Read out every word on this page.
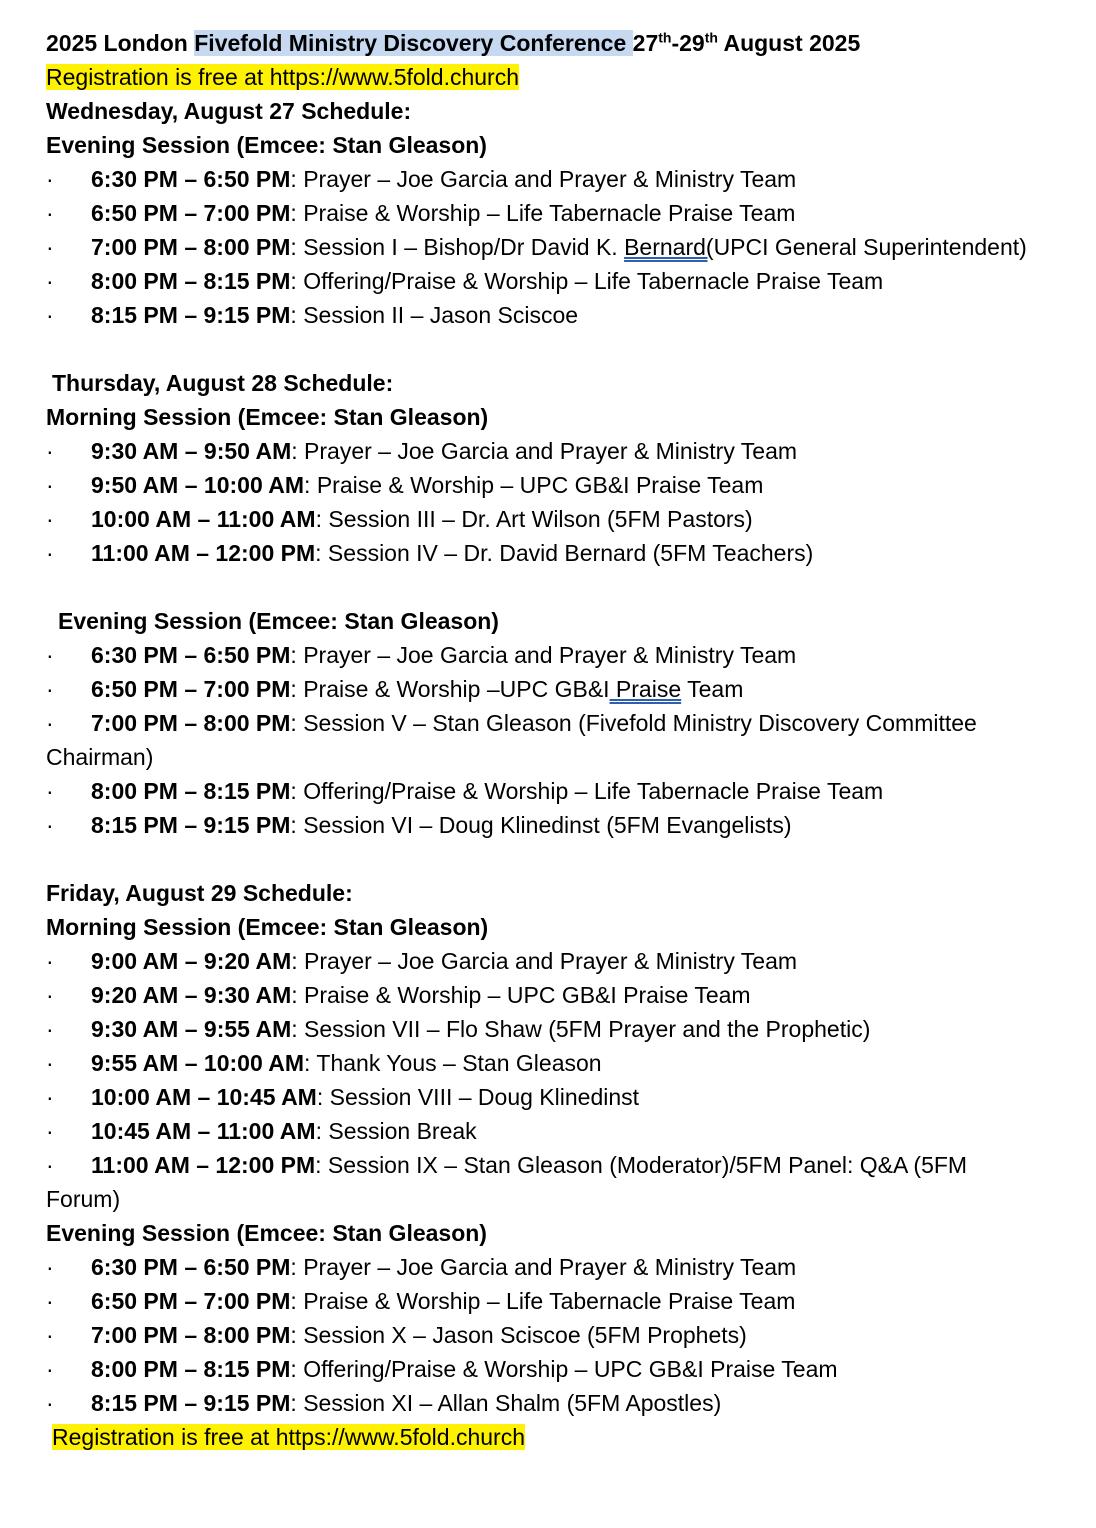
2025 London Fivefold Ministry Discovery Conference 27th-29th August 2025
Registration is free at https://www.5fold.church
Wednesday, August 27 Schedule:
Evening Session (Emcee: Stan Gleason)
· 6:30 PM – 6:50 PM: Prayer – Joe Garcia and Prayer & Ministry Team
· 6:50 PM – 7:00 PM: Praise & Worship – Life Tabernacle Praise Team
· 7:00 PM – 8:00 PM: Session I – Bishop/Dr David K. Bernard(UPCI General Superintendent)
· 8:00 PM – 8:15 PM: Offering/Praise & Worship – Life Tabernacle Praise Team
· 8:15 PM – 9:15 PM: Session II – Jason Sciscoe
Thursday, August 28 Schedule:
Morning Session (Emcee: Stan Gleason)
· 9:30 AM – 9:50 AM: Prayer – Joe Garcia and Prayer & Ministry Team
· 9:50 AM – 10:00 AM: Praise & Worship – UPC GB&I Praise Team
· 10:00 AM – 11:00 AM: Session III – Dr. Art Wilson (5FM Pastors)
· 11:00 AM – 12:00 PM: Session IV – Dr. David Bernard (5FM Teachers)
Evening Session (Emcee: Stan Gleason)
· 6:30 PM – 6:50 PM: Prayer – Joe Garcia and Prayer & Ministry Team
· 6:50 PM – 7:00 PM: Praise & Worship –UPC GB&I Praise Team
· 7:00 PM – 8:00 PM: Session V – Stan Gleason (Fivefold Ministry Discovery Committee Chairman)
· 8:00 PM – 8:15 PM: Offering/Praise & Worship – Life Tabernacle Praise Team
· 8:15 PM – 9:15 PM: Session VI – Doug Klinedinst (5FM Evangelists)
Friday, August 29 Schedule:
Morning Session (Emcee: Stan Gleason)
· 9:00 AM – 9:20 AM: Prayer – Joe Garcia and Prayer & Ministry Team
· 9:20 AM – 9:30 AM: Praise & Worship – UPC GB&I Praise Team
· 9:30 AM – 9:55 AM: Session VII – Flo Shaw (5FM Prayer and the Prophetic)
· 9:55 AM – 10:00 AM: Thank Yous – Stan Gleason
· 10:00 AM – 10:45 AM: Session VIII – Doug Klinedinst
· 10:45 AM – 11:00 AM: Session Break
· 11:00 AM – 12:00 PM: Session IX – Stan Gleason (Moderator)/5FM Panel: Q&A (5FM Forum)
Evening Session (Emcee: Stan Gleason)
· 6:30 PM – 6:50 PM: Prayer – Joe Garcia and Prayer & Ministry Team
· 6:50 PM – 7:00 PM: Praise & Worship – Life Tabernacle Praise Team
· 7:00 PM – 8:00 PM: Session X – Jason Sciscoe (5FM Prophets)
· 8:00 PM – 8:15 PM: Offering/Praise & Worship – UPC GB&I Praise Team
· 8:15 PM – 9:15 PM: Session XI – Allan Shalm (5FM Apostles)
Registration is free at https://www.5fold.church
